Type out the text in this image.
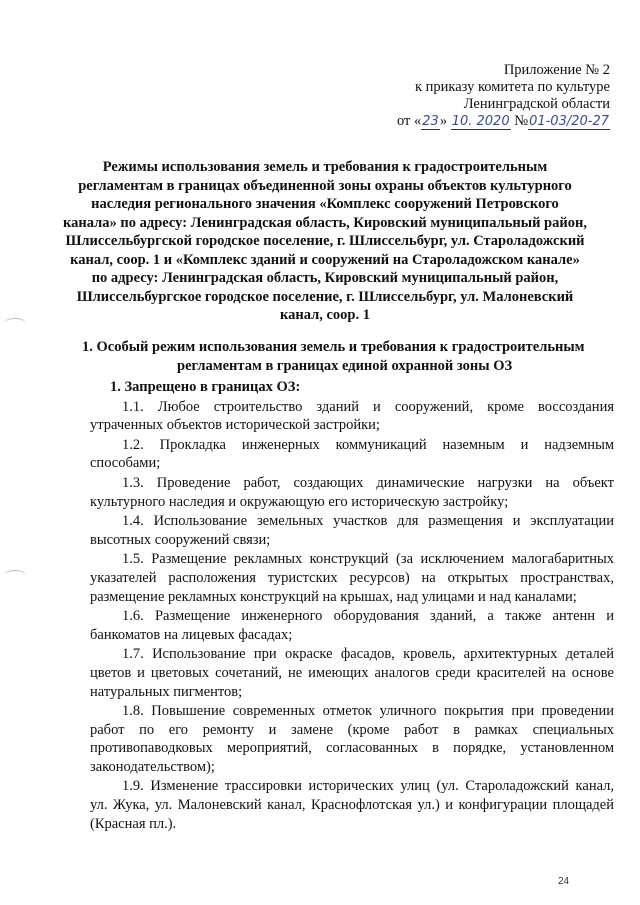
Приложение № 2
к приказу комитета по культуре
Ленинградской области
от «23» 10. 2020 №01-03/20-27
Режимы использования земель и требования к градостроительным
регламентам в границах объединенной зоны охраны объектов культурного
наследия регионального значения «Комплекс сооружений Петровского
канала» по адресу: Ленинградская область, Кировский муниципальный район,
Шлиссельбургской городское поселение, г. Шлиссельбург, ул. Староладожский
канал, соор. 1 и «Комплекс зданий и сооружений на Староладожском канале»
по адресу: Ленинградская область, Кировский муниципальный район,
Шлиссельбургское городское поселение, г. Шлиссельбург, ул. Малоневский
канал, соор. 1
1. Особый режим использования земель и требования к градостроительным
регламентам в границах единой охранной зоны ОЗ
1. Запрещено в границах ОЗ:
1.1. Любое строительство зданий и сооружений, кроме воссоздания
утраченных объектов исторической застройки;
1.2. Прокладка инженерных коммуникаций наземным и надземным
способами;
1.3. Проведение работ, создающих динамические нагрузки на объект
культурного наследия и окружающую его историческую застройку;
1.4. Использование земельных участков для размещения и эксплуатации
высотных сооружений связи;
1.5. Размещение рекламных конструкций (за исключением малогабаритных
указателей расположения туристских ресурсов) на открытых пространствах,
размещение рекламных конструкций на крышах, над улицами и над каналами;
1.6. Размещение инженерного оборудования зданий, а также антенн и
банкоматов на лицевых фасадах;
1.7. Использование при окраске фасадов, кровель, архитектурных деталей
цветов и цветовых сочетаний, не имеющих аналогов среди красителей на основе
натуральных пигментов;
1.8. Повышение современных отметок уличного покрытия при проведении
работ по его ремонту и замене (кроме работ в рамках специальных
противопаводковых мероприятий, согласованных в порядке, установленном
законодательством);
1.9. Изменение трассировки исторических улиц (ул. Староладожский канал,
ул. Жука, ул. Малоневский канал, Краснофлотская ул.) и конфигурации площадей
(Красная пл.).
24
